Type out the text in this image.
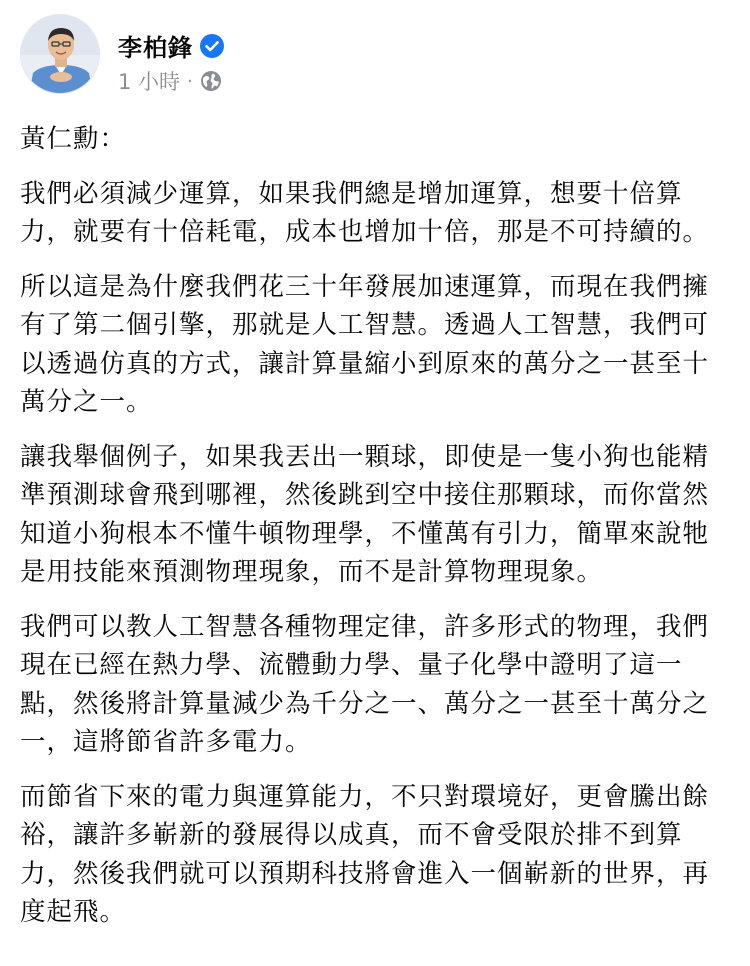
李柏鋒
1 小時 ·

黃仁勳：

我們必須減少運算，如果我們總是增加運算，想要十倍算力，就要有十倍耗電，成本也增加十倍，那是不可持續的。

所以這是為什麼我們花三十年發展加速運算，而現在我們擁有了第二個引擎，那就是人工智慧。透過人工智慧，我們可以透過仿真的方式，讓計算量縮小到原來的萬分之一甚至十萬分之一。

讓我舉個例子，如果我丟出一顆球，即使是一隻小狗也能精準預測球會飛到哪裡，然後跳到空中接住那顆球，而你當然知道小狗根本不懂牛頓物理學，不懂萬有引力，簡單來說牠是用技能來預測物理現象，而不是計算物理現象。

我們可以教人工智慧各種物理定律，許多形式的物理，我們現在已經在熱力學、流體動力學、量子化學中證明了這一點，然後將計算量減少為千分之一、萬分之一甚至十萬分之一，這將節省許多電力。

而節省下來的電力與運算能力，不只對環境好，更會騰出餘裕，讓許多嶄新的發展得以成真，而不會受限於排不到算力，然後我們就可以預期科技將會進入一個嶄新的世界，再度起飛。
